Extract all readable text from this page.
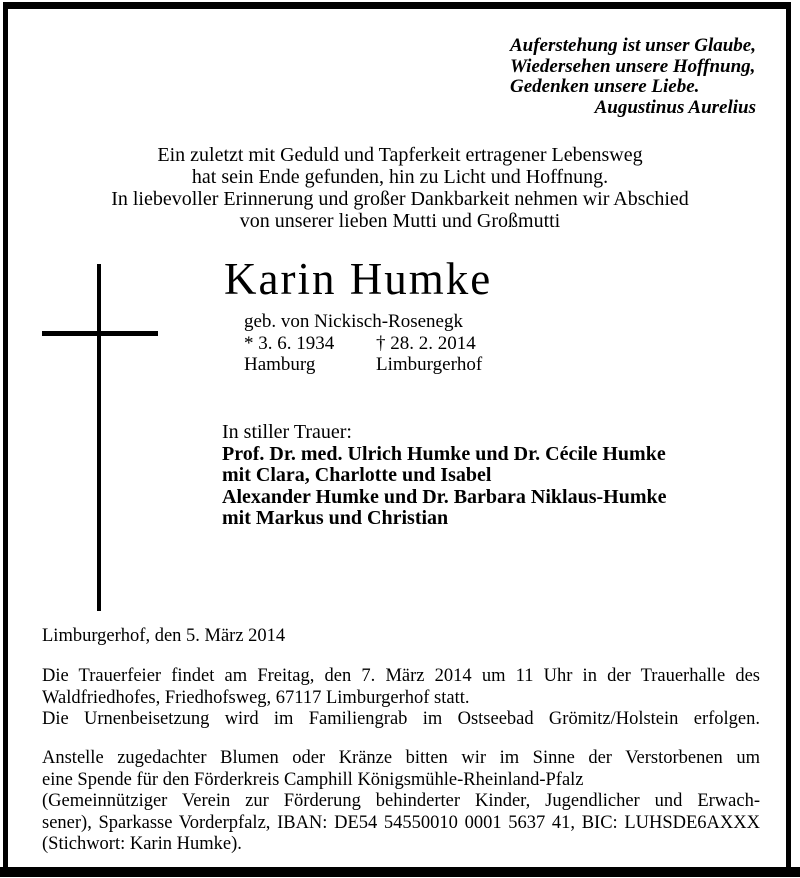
Auferstehung ist unser Glaube,
Wiedersehen unsere Hoffnung,
Gedenken unsere Liebe.
Augustinus Aurelius
Ein zuletzt mit Geduld und Tapferkeit ertragener Lebensweg
hat sein Ende gefunden, hin zu Licht und Hoffnung.
In liebevoller Erinnerung und großer Dankbarkeit nehmen wir Abschied
von unserer lieben Mutti und Großmutti
Karin Humke
geb. von Nickisch-Rosenegk
* 3. 6. 1934	† 28. 2. 2014
Hamburg	Limburgerhof
In stiller Trauer:
Prof. Dr. med. Ulrich Humke und Dr. Cécile Humke
mit Clara, Charlotte und Isabel
Alexander Humke und Dr. Barbara Niklaus-Humke
mit Markus und Christian
Limburgerhof, den 5. März 2014
Die Trauerfeier findet am Freitag, den 7. März 2014 um 11 Uhr in der Trauerhalle des
Waldfriedhofes, Friedhofsweg, 67117 Limburgerhof statt.
Die Urnenbeisetzung wird im Familiengrab im Ostseebad Grömitz/Holstein erfolgen.
Anstelle zugedachter Blumen oder Kränze bitten wir im Sinne der Verstorbenen um
eine Spende für den Förderkreis Camphill Königsmühle-Rheinland-Pfalz
(Gemeinnütziger Verein zur Förderung behinderter Kinder, Jugendlicher und Erwach-
sener), Sparkasse Vorderpfalz, IBAN: DE54 54550010 0001 5637 41, BIC: LUHSDE6AXXX
(Stichwort: Karin Humke).
